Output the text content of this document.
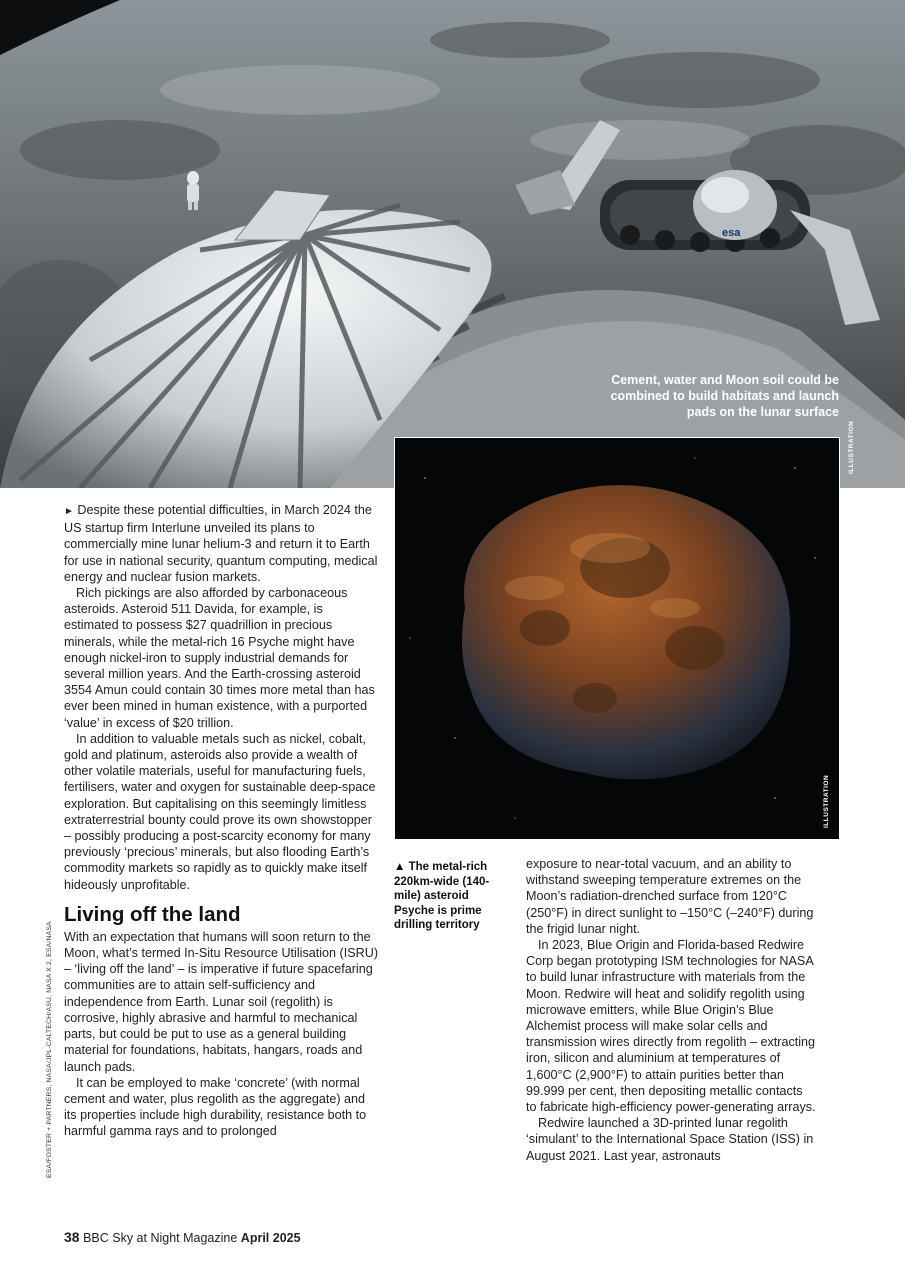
esa
Cement, water and Moon soil could be combined to build habitats and launch pads on the lunar surface
ILLUSTRATION
ILLUSTRATION

► Despite these potential difficulties, in March 2024 the US startup firm Interlune unveiled its plans to commercially mine lunar helium-3 and return it to Earth for use in national security, quantum computing, medical energy and nuclear fusion markets.

Rich pickings are also afforded by carbonaceous asteroids. Asteroid 511 Davida, for example, is estimated to possess $27 quadrillion in precious minerals, while the metal-rich 16 Psyche might have enough nickel-iron to supply industrial demands for several million years. And the Earth-crossing asteroid 3554 Amun could contain 30 times more metal than has ever been mined in human existence, with a purported ‘value’ in excess of $20 trillion.

In addition to valuable metals such as nickel, cobalt, gold and platinum, asteroids also provide a wealth of other volatile materials, useful for manufacturing fuels, fertilisers, water and oxygen for sustainable deep-space exploration. But capitalising on this seemingly limitless extraterrestrial bounty could prove its own showstopper – possibly producing a post-scarcity economy for many previously ‘precious’ minerals, but also flooding Earth’s commodity markets so rapidly as to quickly make itself hideously unprofitable.

Living off the land

With an expectation that humans will soon return to the Moon, what’s termed In-Situ Resource Utilisation (ISRU) – ‘living off the land’ – is imperative if future spacefaring communities are to attain self-sufficiency and independence from Earth. Lunar soil (regolith) is corrosive, highly abrasive and harmful to mechanical parts, but could be put to use as a general building material for foundations, habitats, hangars, roads and launch pads.

It can be employed to make ‘concrete’ (with normal cement and water, plus regolith as the aggregate) and its properties include high durability, resistance both to harmful gamma rays and to prolonged

▲ The metal-rich 220km-wide (140-mile) asteroid Psyche is prime drilling territory

exposure to near-total vacuum, and an ability to withstand sweeping temperature extremes on the Moon’s radiation-drenched surface from 120°C (250°F) in direct sunlight to –150°C (–240°F) during the frigid lunar night.

In 2023, Blue Origin and Florida-based Redwire Corp began prototyping ISM technologies for NASA to build lunar infrastructure with materials from the Moon. Redwire will heat and solidify regolith using microwave emitters, while Blue Origin’s Blue Alchemist process will make solar cells and transmission wires directly from regolith – extracting iron, silicon and aluminium at temperatures of 1,600°C (2,900°F) to attain purities better than 99.999 per cent, then depositing metallic contacts to fabricate high-efficiency power-generating arrays.

Redwire launched a 3D-printed lunar regolith ‘simulant’ to the International Space Station (ISS) in August 2021. Last year, astronauts

ESA/FOSTER + PARTNERS, NASA/JPL-CALTECH/ASU, NASA X 2, ESA/NASA
38 BBC Sky at Night Magazine April 2025
